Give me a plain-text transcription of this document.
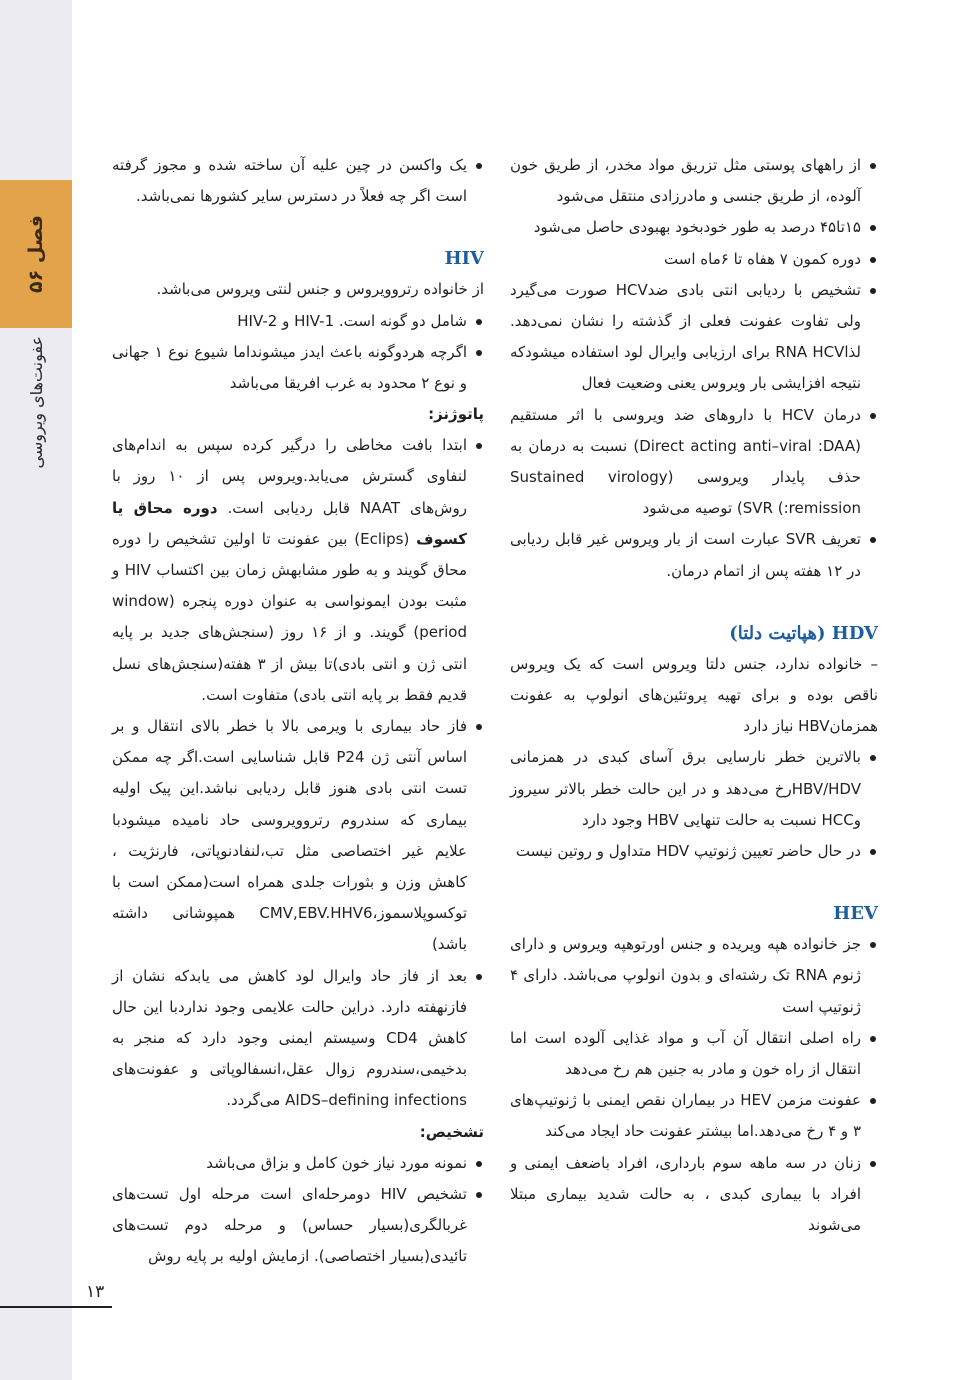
فصل ۵۶
عفونت‌های ویروسی
از راههای پوستی مثل تزریق مواد مخدر، از طریق خون آلوده، از طریق جنسی و مادرزادی منتقل می‌شود
۱۵تا۴۵ درصد به طور خودبخود بهبودی حاصل می‌شود
دوره کمون ۷ هفاه تا ۶ماه است
تشخیص با ردیابی انتی بادی ضدHCV صورت می‌گیرد ولی تفاوت عفونت فعلی از گذشته را نشان نمی‌دهد. لذاRNA HCV برای ارزیابی وایرال لود استفاده میشودکه نتیجه افزایشی بار ویروس یعنی وضعیت فعال
درمان HCV با داروهای ضد ویروسی با اثر مستقیم (Direct acting anti–viral :DAA) نسبت به درمان به حذف پایدار ویروسی (Sustained virology remission:) SVR) توصیه می‌شود
تعریف SVR عبارت است از بار ویروس غیر قابل ردیابی در ۱۲ هفته پس از اتمام درمان.
HDV (هپاتیت دلتا)

– خانواده ندارد، جنس دلتا ویروس است که یک ویروس ناقص بوده و برای تهیه پروتئین‌های انولوپ به عفونت همزمانHBV نیاز دارد

بالاترین خطر نارسایی برق آسای کبدی در همزمانی HBV/HDVرخ می‌دهد و در این حالت خطر بالاتر سیروز وHCC نسبت به حالت تنهایی HBV وجود دارد
در حال حاضر تعیین ژنوتیپ HDV متداول و روتین نیست
HEV
جز خانواده هپه ویریده و جنس اورتوهپه ویروس و دارای ژنوم RNA تک رشته‌ای و بدون انولوپ می‌باشد. دارای ۴ ژنوتیپ است
راه اصلی انتقال آن آب و مواد غذایی آلوده است اما انتقال از راه خون و مادر به جنین هم رخ می‌دهد
عفونت مزمن HEV در بیماران نقص ایمنی با ژنوتیپ‌های ۳ و ۴ رخ می‌دهد.اما بیشتر عفونت حاد ایجاد می‌کند
زنان در سه ماهه سوم بارداری، افراد باضعف ایمنی و افراد با بیماری کبدی ، به حالت شدید بیماری مبتلا می‌شوند
یک واکسن در چین علیه آن ساخته شده و مجوز گرفته است اگر چه فعلاً در دسترس سایر کشورها نمی‌باشد.
HIV

از خانواده رتروویروس و جنس لنتی ویروس می‌باشد.

شامل دو گونه است. HIV-1 و HIV-2
اگرچه هردوگونه باعث ایدز میشونداما شیوع نوع ۱ جهانی و نوع ۲ محدود به غرب افریقا می‌باشد
پاتوژنز:
ابتدا بافت مخاطی را درگیر کرده سپس به اندام‌های لنفاوی گسترش می‌یابد.ویروس پس از ۱۰ روز با روش‌های NAAT قابل ردیابی است. دوره محاق یا کسوف (Eclips) بین عفونت تا اولین تشخیص را دوره محاق گویند و به طور مشابهش زمان بین اکتساب HIV و مثبت بودن ایمونواسی به عنوان دوره پنجره (window period) گویند. و از ۱۶ روز (سنجش‌های جدید بر پایه انتی ژن و انتی بادی)تا بیش از ۳ هفته(سنجش‌های نسل قدیم فقط بر پایه انتی بادی) متفاوت است.
فاز حاد بیماری با ویرمی بالا با خطر بالای انتقال و بر اساس آنتی ژن P24 قابل شناسایی است.اگر چه ممکن تست انتی بادی هنوز قابل ردیابی نباشد.این پیک اولیه بیماری که سندروم رتروویروسی حاد نامیده میشودبا علایم غیر اختصاصی مثل تب،لنفادنوپاتی، فارنژیت ، کاهش وزن و بثورات جلدی همراه است(ممکن است با توکسوپلاسموز،CMV,EBV.HHV6 همپوشانی داشته باشد)
بعد از فاز حاد وایرال لود کاهش می یابدکه نشان از فازنهفته دارد. دراین حالت علایمی وجود نداردبا این حال کاهش CD4 وسیستم ایمنی وجود دارد که منجر به بدخیمی،سندروم زوال عقل،انسفالوپاتی و عفونت‌های AIDS–defining infections می‌گردد.
تشخیص:
نمونه مورد نیاز خون کامل و بزاق می‌باشد
تشخیص HIV دومرحله‌ای است مرحله اول تست‌های غربالگری(بسیار حساس) و مرحله دوم تست‌های تائیدی(بسیار اختصاصی). ازمایش اولیه بر پایه روش
۱۳
